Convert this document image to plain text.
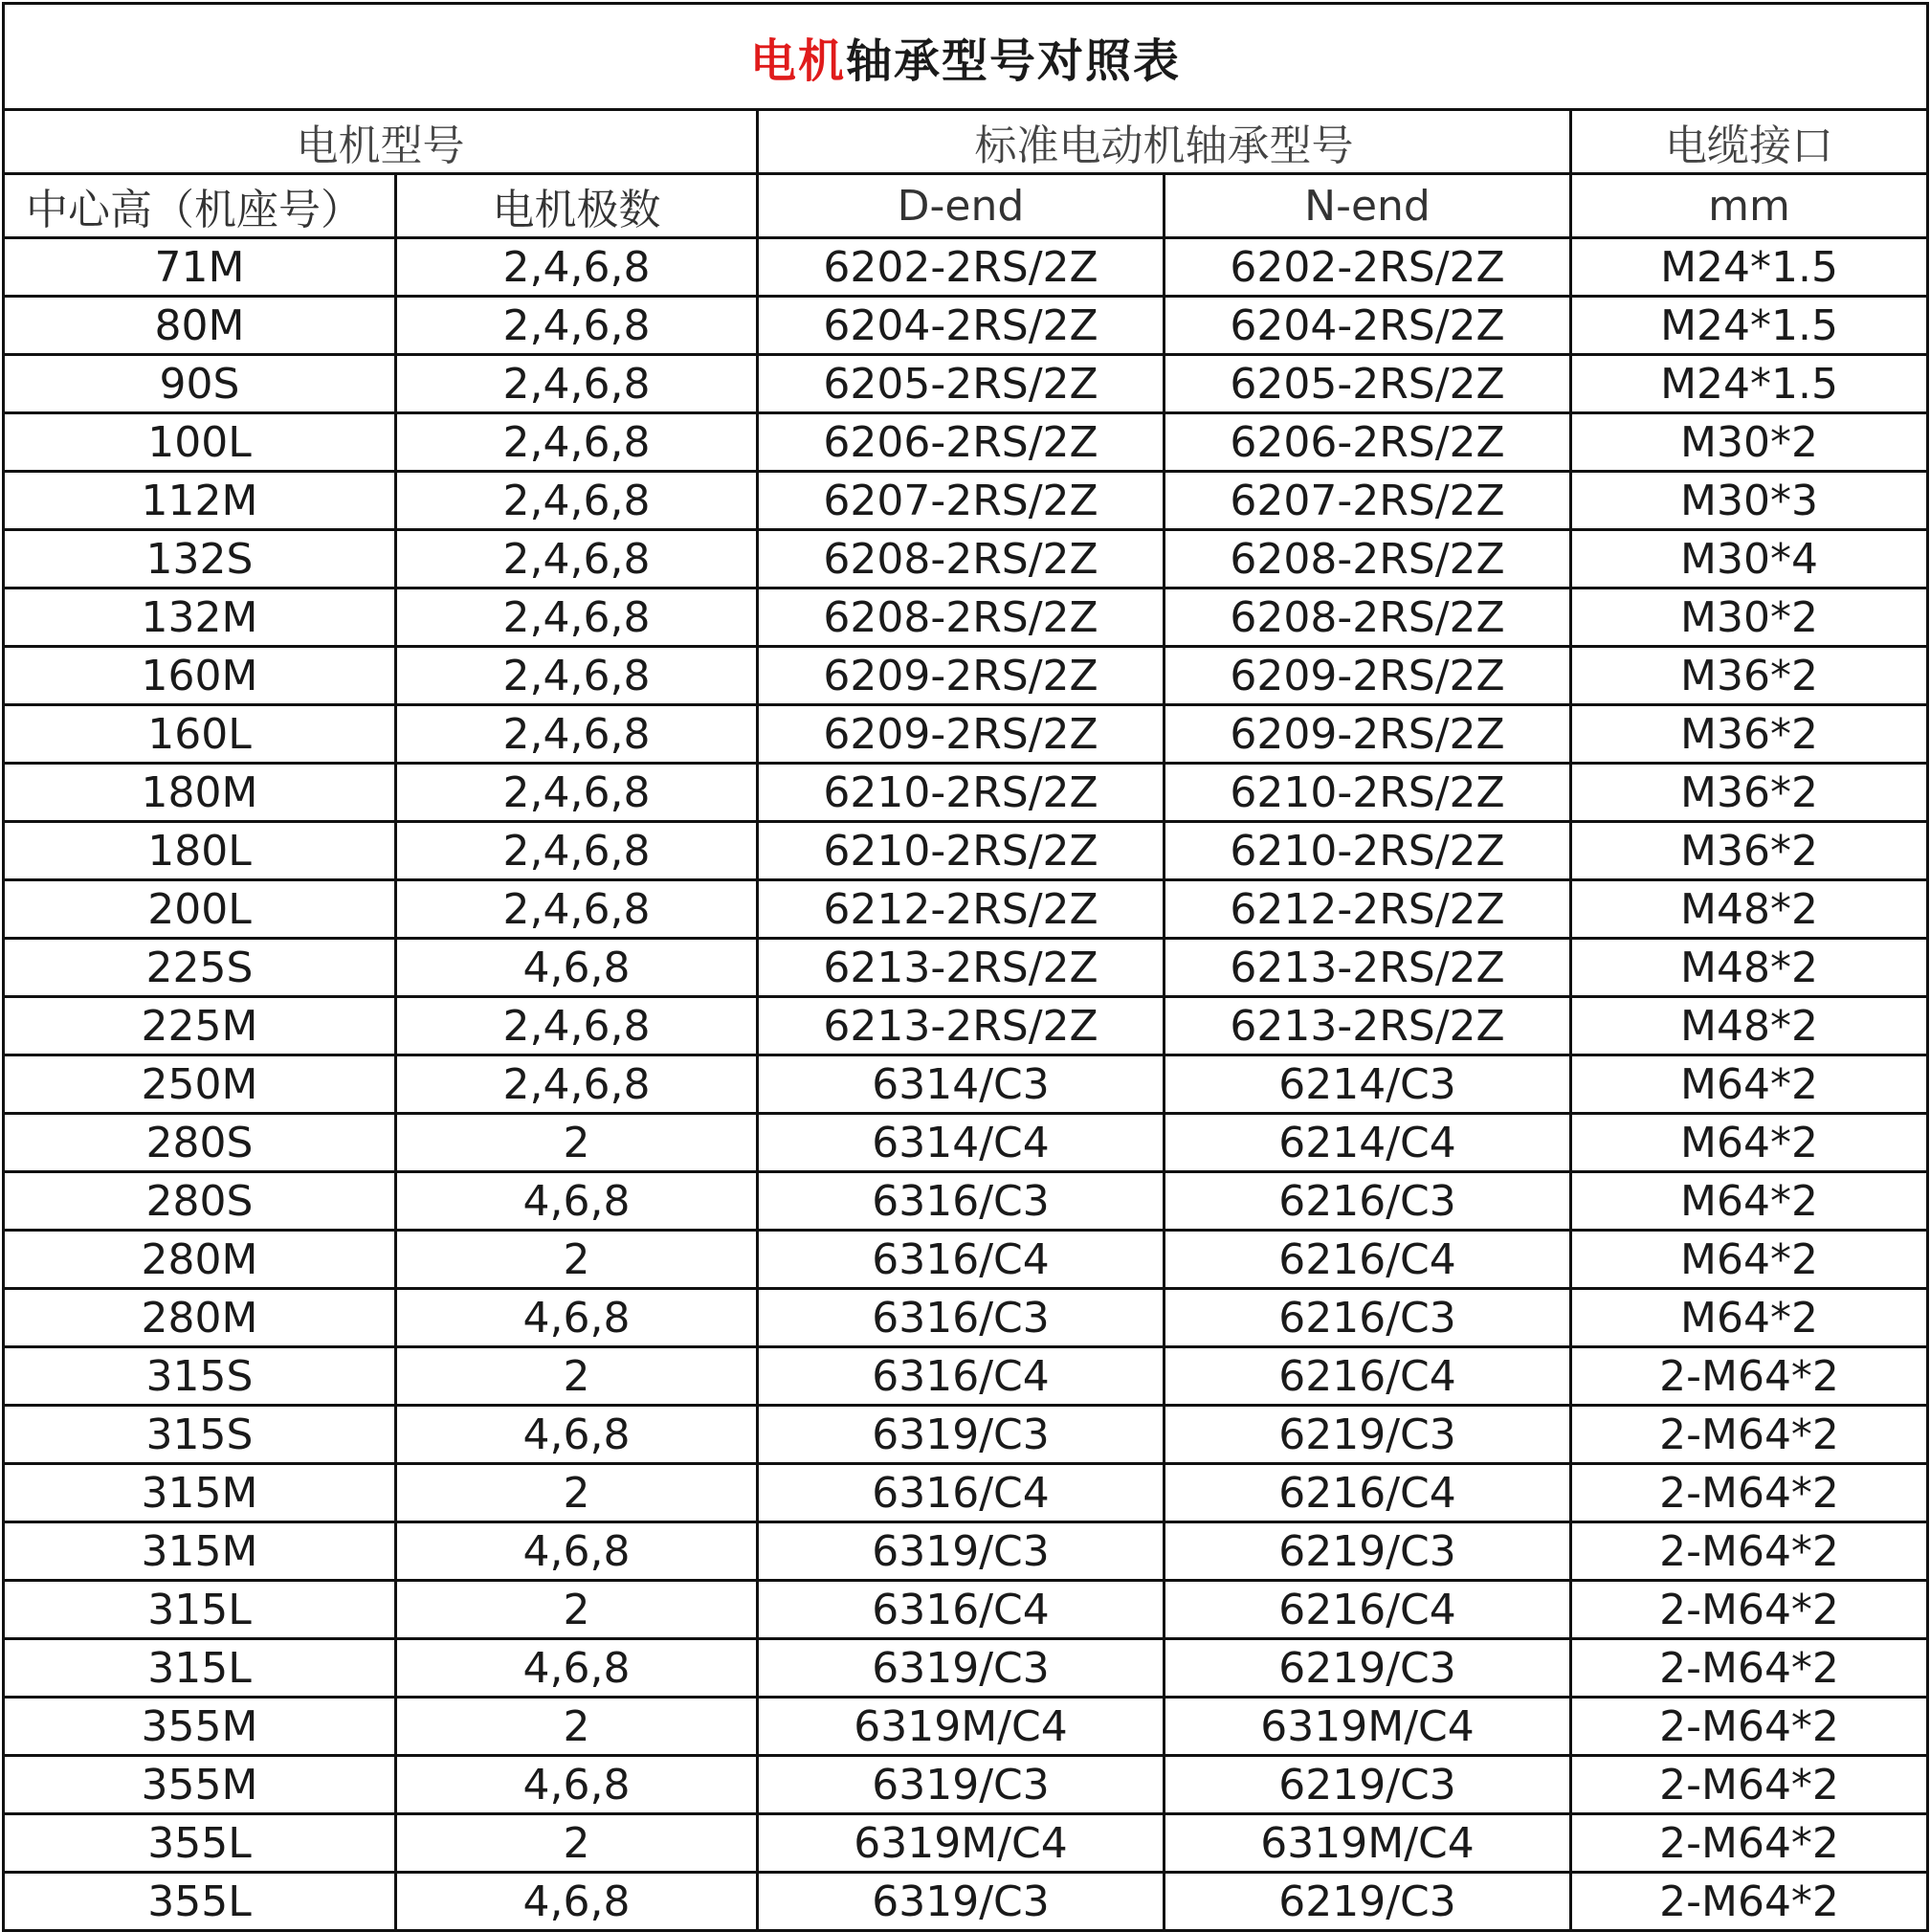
电机轴承型号对照表				
电机型号		标准电动机轴承型号		电缆接口
中心高（机座号）	电机极数	D-end	N-end	mm
71M	2,4,6,8	6202-2RS/2Z	6202-2RS/2Z	M24*1.5
80M	2,4,6,8	6204-2RS/2Z	6204-2RS/2Z	M24*1.5
90S	2,4,6,8	6205-2RS/2Z	6205-2RS/2Z	M24*1.5
100L	2,4,6,8	6206-2RS/2Z	6206-2RS/2Z	M30*2
112M	2,4,6,8	6207-2RS/2Z	6207-2RS/2Z	M30*3
132S	2,4,6,8	6208-2RS/2Z	6208-2RS/2Z	M30*4
132M	2,4,6,8	6208-2RS/2Z	6208-2RS/2Z	M30*2
160M	2,4,6,8	6209-2RS/2Z	6209-2RS/2Z	M36*2
160L	2,4,6,8	6209-2RS/2Z	6209-2RS/2Z	M36*2
180M	2,4,6,8	6210-2RS/2Z	6210-2RS/2Z	M36*2
180L	2,4,6,8	6210-2RS/2Z	6210-2RS/2Z	M36*2
200L	2,4,6,8	6212-2RS/2Z	6212-2RS/2Z	M48*2
225S	4,6,8	6213-2RS/2Z	6213-2RS/2Z	M48*2
225M	2,4,6,8	6213-2RS/2Z	6213-2RS/2Z	M48*2
250M	2,4,6,8	6314/C3	6214/C3	M64*2
280S	2	6314/C4	6214/C4	M64*2
280S	4,6,8	6316/C3	6216/C3	M64*2
280M	2	6316/C4	6216/C4	M64*2
280M	4,6,8	6316/C3	6216/C3	M64*2
315S	2	6316/C4	6216/C4	2-M64*2
315S	4,6,8	6319/C3	6219/C3	2-M64*2
315M	2	6316/C4	6216/C4	2-M64*2
315M	4,6,8	6319/C3	6219/C3	2-M64*2
315L	2	6316/C4	6216/C4	2-M64*2
315L	4,6,8	6319/C3	6219/C3	2-M64*2
355M	2	6319M/C4	6319M/C4	2-M64*2
355M	4,6,8	6319/C3	6219/C3	2-M64*2
355L	2	6319M/C4	6319M/C4	2-M64*2
355L	4,6,8	6319/C3	6219/C3	2-M64*2
